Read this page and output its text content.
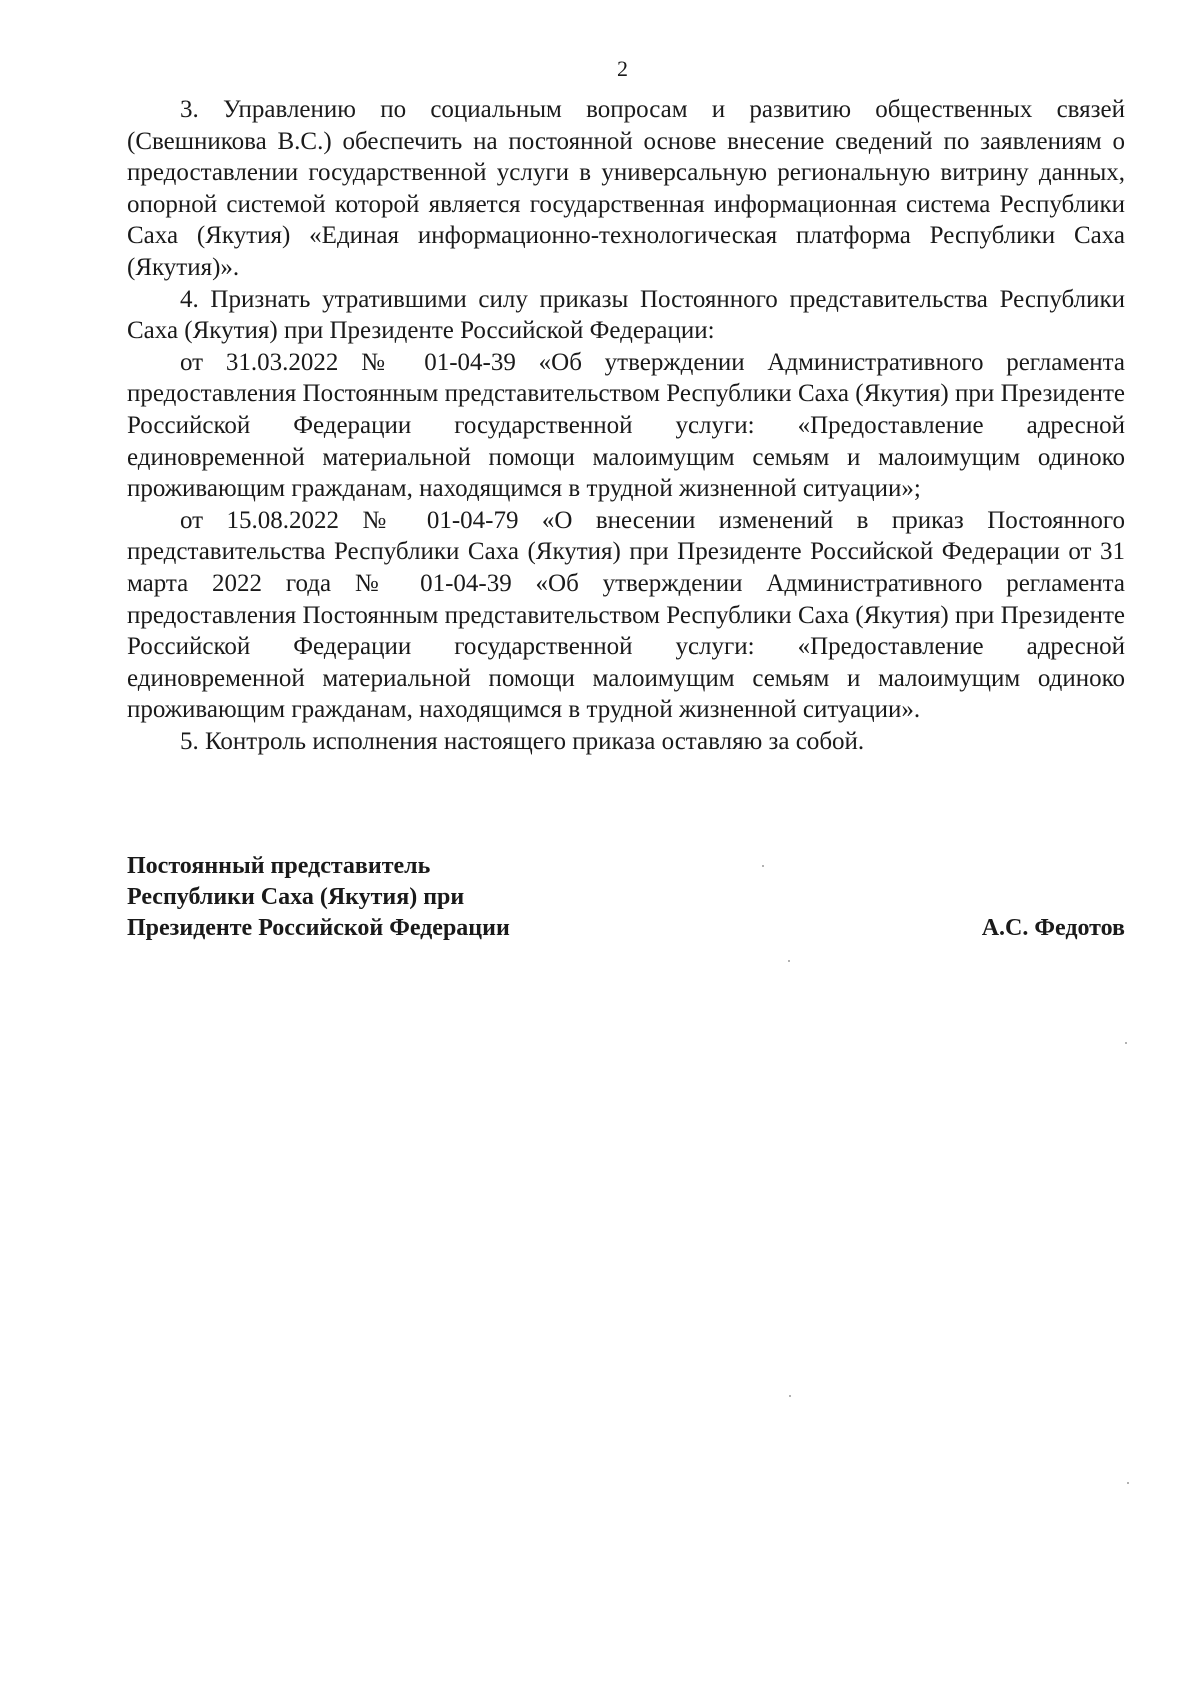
2

3. Управлению по социальным вопросам и развитию общественных связей (Свешникова В.С.) обеспечить на постоянной основе внесение сведений по заявлениям о предоставлении государственной услуги в универсальную региональную витрину данных, опорной системой которой является государственная информационная система Республики Саха (Якутия) «Единая информационно-технологическая платформа Республики Саха (Якутия)».

4. Признать утратившими силу приказы Постоянного представительства Республики Саха (Якутия) при Президенте Российской Федерации:

от 31.03.2022 № 01-04-39 «Об утверждении Административного регламента предоставления Постоянным представительством Республики Саха (Якутия) при Президенте Российской Федерации государственной услуги: «Предоставление адресной единовременной материальной помощи малоимущим семьям и малоимущим одиноко проживающим гражданам, находящимся в трудной жизненной ситуации»;

от 15.08.2022 № 01-04-79 «О внесении изменений в приказ Постоянного представительства Республики Саха (Якутия) при Президенте Российской Федерации от 31 марта 2022 года № 01-04-39 «Об утверждении Административного регламента предоставления Постоянным представительством Республики Саха (Якутия) при Президенте Российской Федерации государственной услуги: «Предоставление адресной единовременной материальной помощи малоимущим семьям и малоимущим одиноко проживающим гражданам, находящимся в трудной жизненной ситуации».

5. Контроль исполнения настоящего приказа оставляю за собой.

Постоянный представитель
Республики Саха (Якутия) при
Президенте Российской Федерации	А.С. Федотов
